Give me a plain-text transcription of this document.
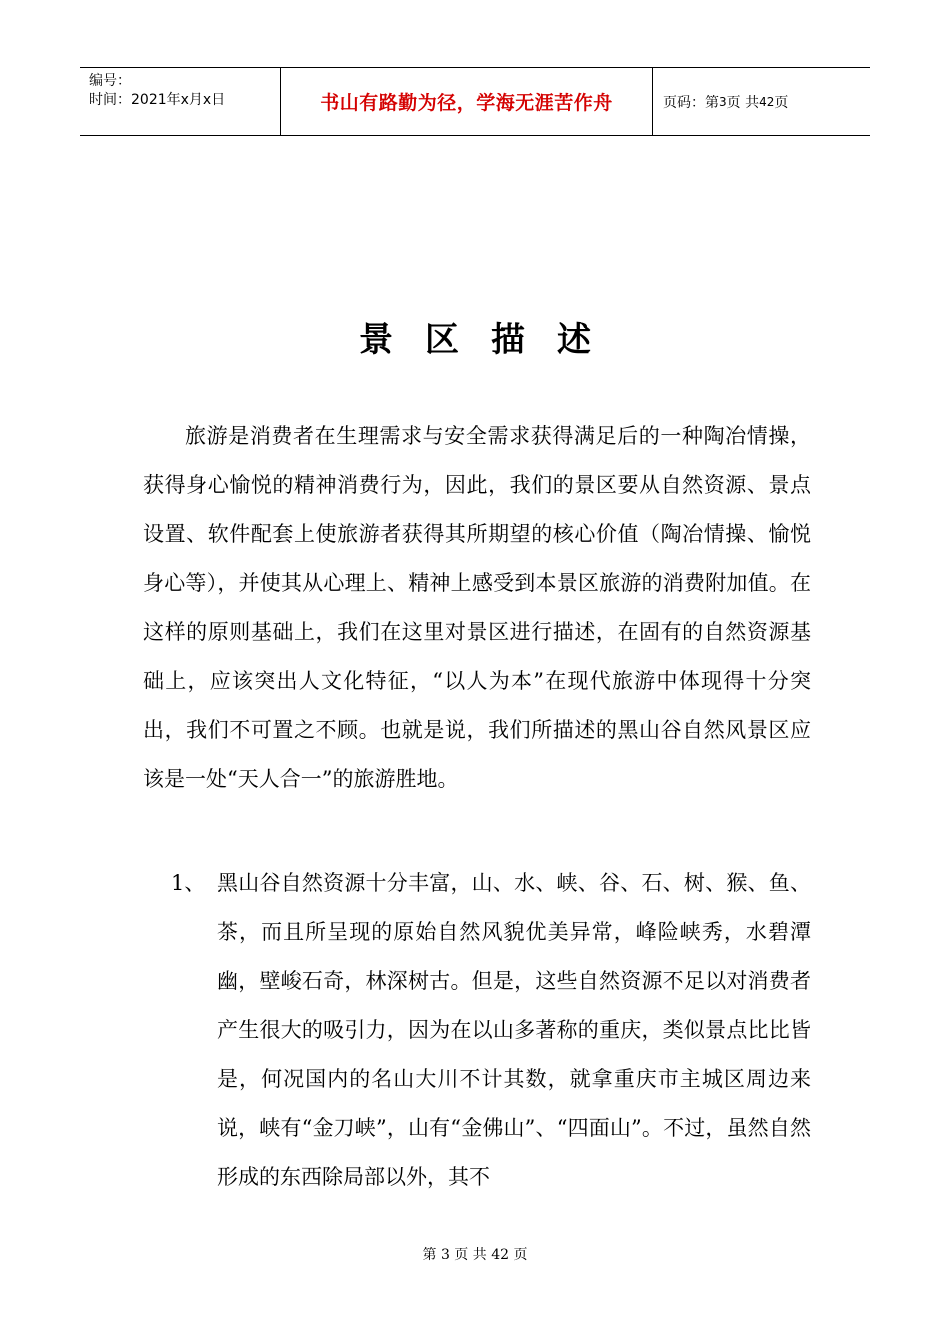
编号：
时间：2021年x月x日	书山有路勤为径，学海无涯苦作舟	页码：第 3 页 共 42 页
景区描述
旅游是消费者在生理需求与安全需求获得满足后的一种陶冶情操，获得身心愉悦的精神消费行为，因此，我们的景区要从自然资源、景点设置、软件配套上使旅游者获得其所期望的核心价值（陶冶情操、愉悦身心等），并使其从心理上、精神上感受到本景区旅游的消费附加值。在这样的原则基础上，我们在这里对景区进行描述，在固有的自然资源基础上，应该突出人文化特征，“以人为本”在现代旅游中体现得十分突出，我们不可置之不顾。也就是说，我们所描述的黑山谷自然风景区应该是一处“天人合一”的旅游胜地。
1、 黑山谷自然资源十分丰富，山、水、峡、谷、石、树、猴、鱼、茶，而且所呈现的原始自然风貌优美异常，峰险峡秀，水碧潭幽，壁峻石奇，林深树古。但是，这些自然资源不足以对消费者产生很大的吸引力，因为在以山多著称的重庆，类似景点比比皆是，何况国内的名山大川不计其数，就拿重庆市主城区周边来说，峡有“金刀峡”，山有“金佛山”、“四面山”。不过，虽然自然形成的东西除局部以外，其不
第 3 页 共 42 页
